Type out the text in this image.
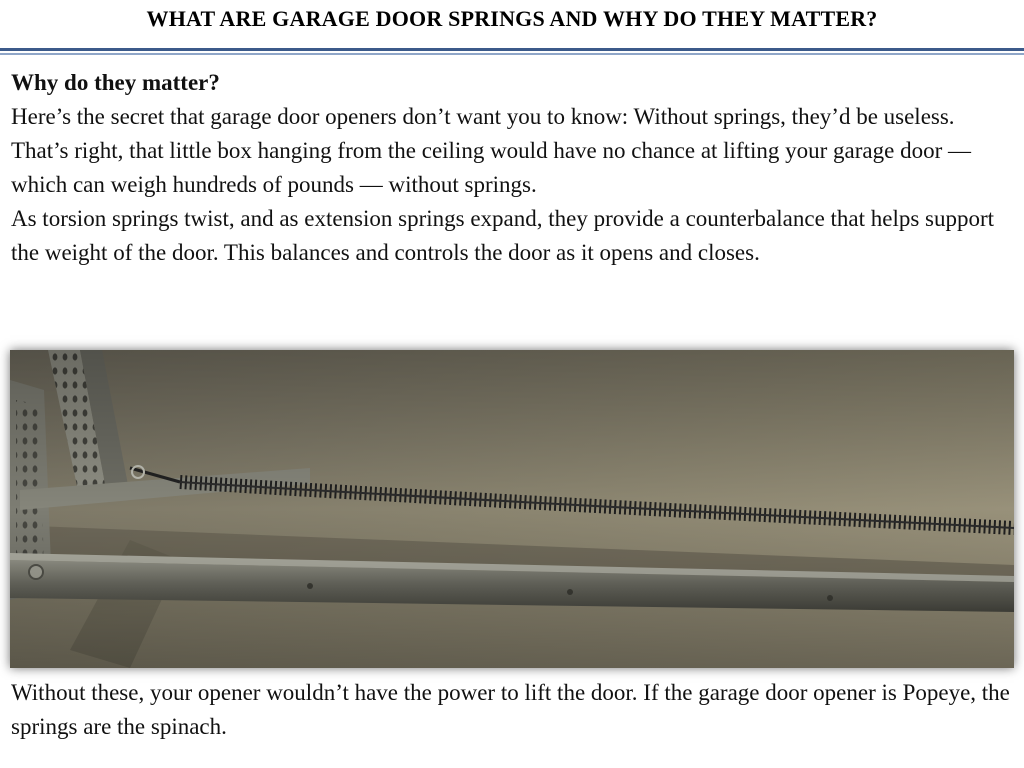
WHAT ARE GARAGE DOOR SPRINGS AND WHY DO THEY MATTER?

Why do they matter?

Here’s the secret that garage door openers don’t want you to know: Without springs, they’d be useless. That’s right, that little box hanging from the ceiling would have no chance at lifting your garage door — which can weigh hundreds of pounds — without springs.

As torsion springs twist, and as extension springs expand, they provide a counterbalance that helps support the weight of the door. This balances and controls the door as it opens and closes.

Without these, your opener wouldn’t have the power to lift the door. If the garage door opener is Popeye, the springs are the spinach.
